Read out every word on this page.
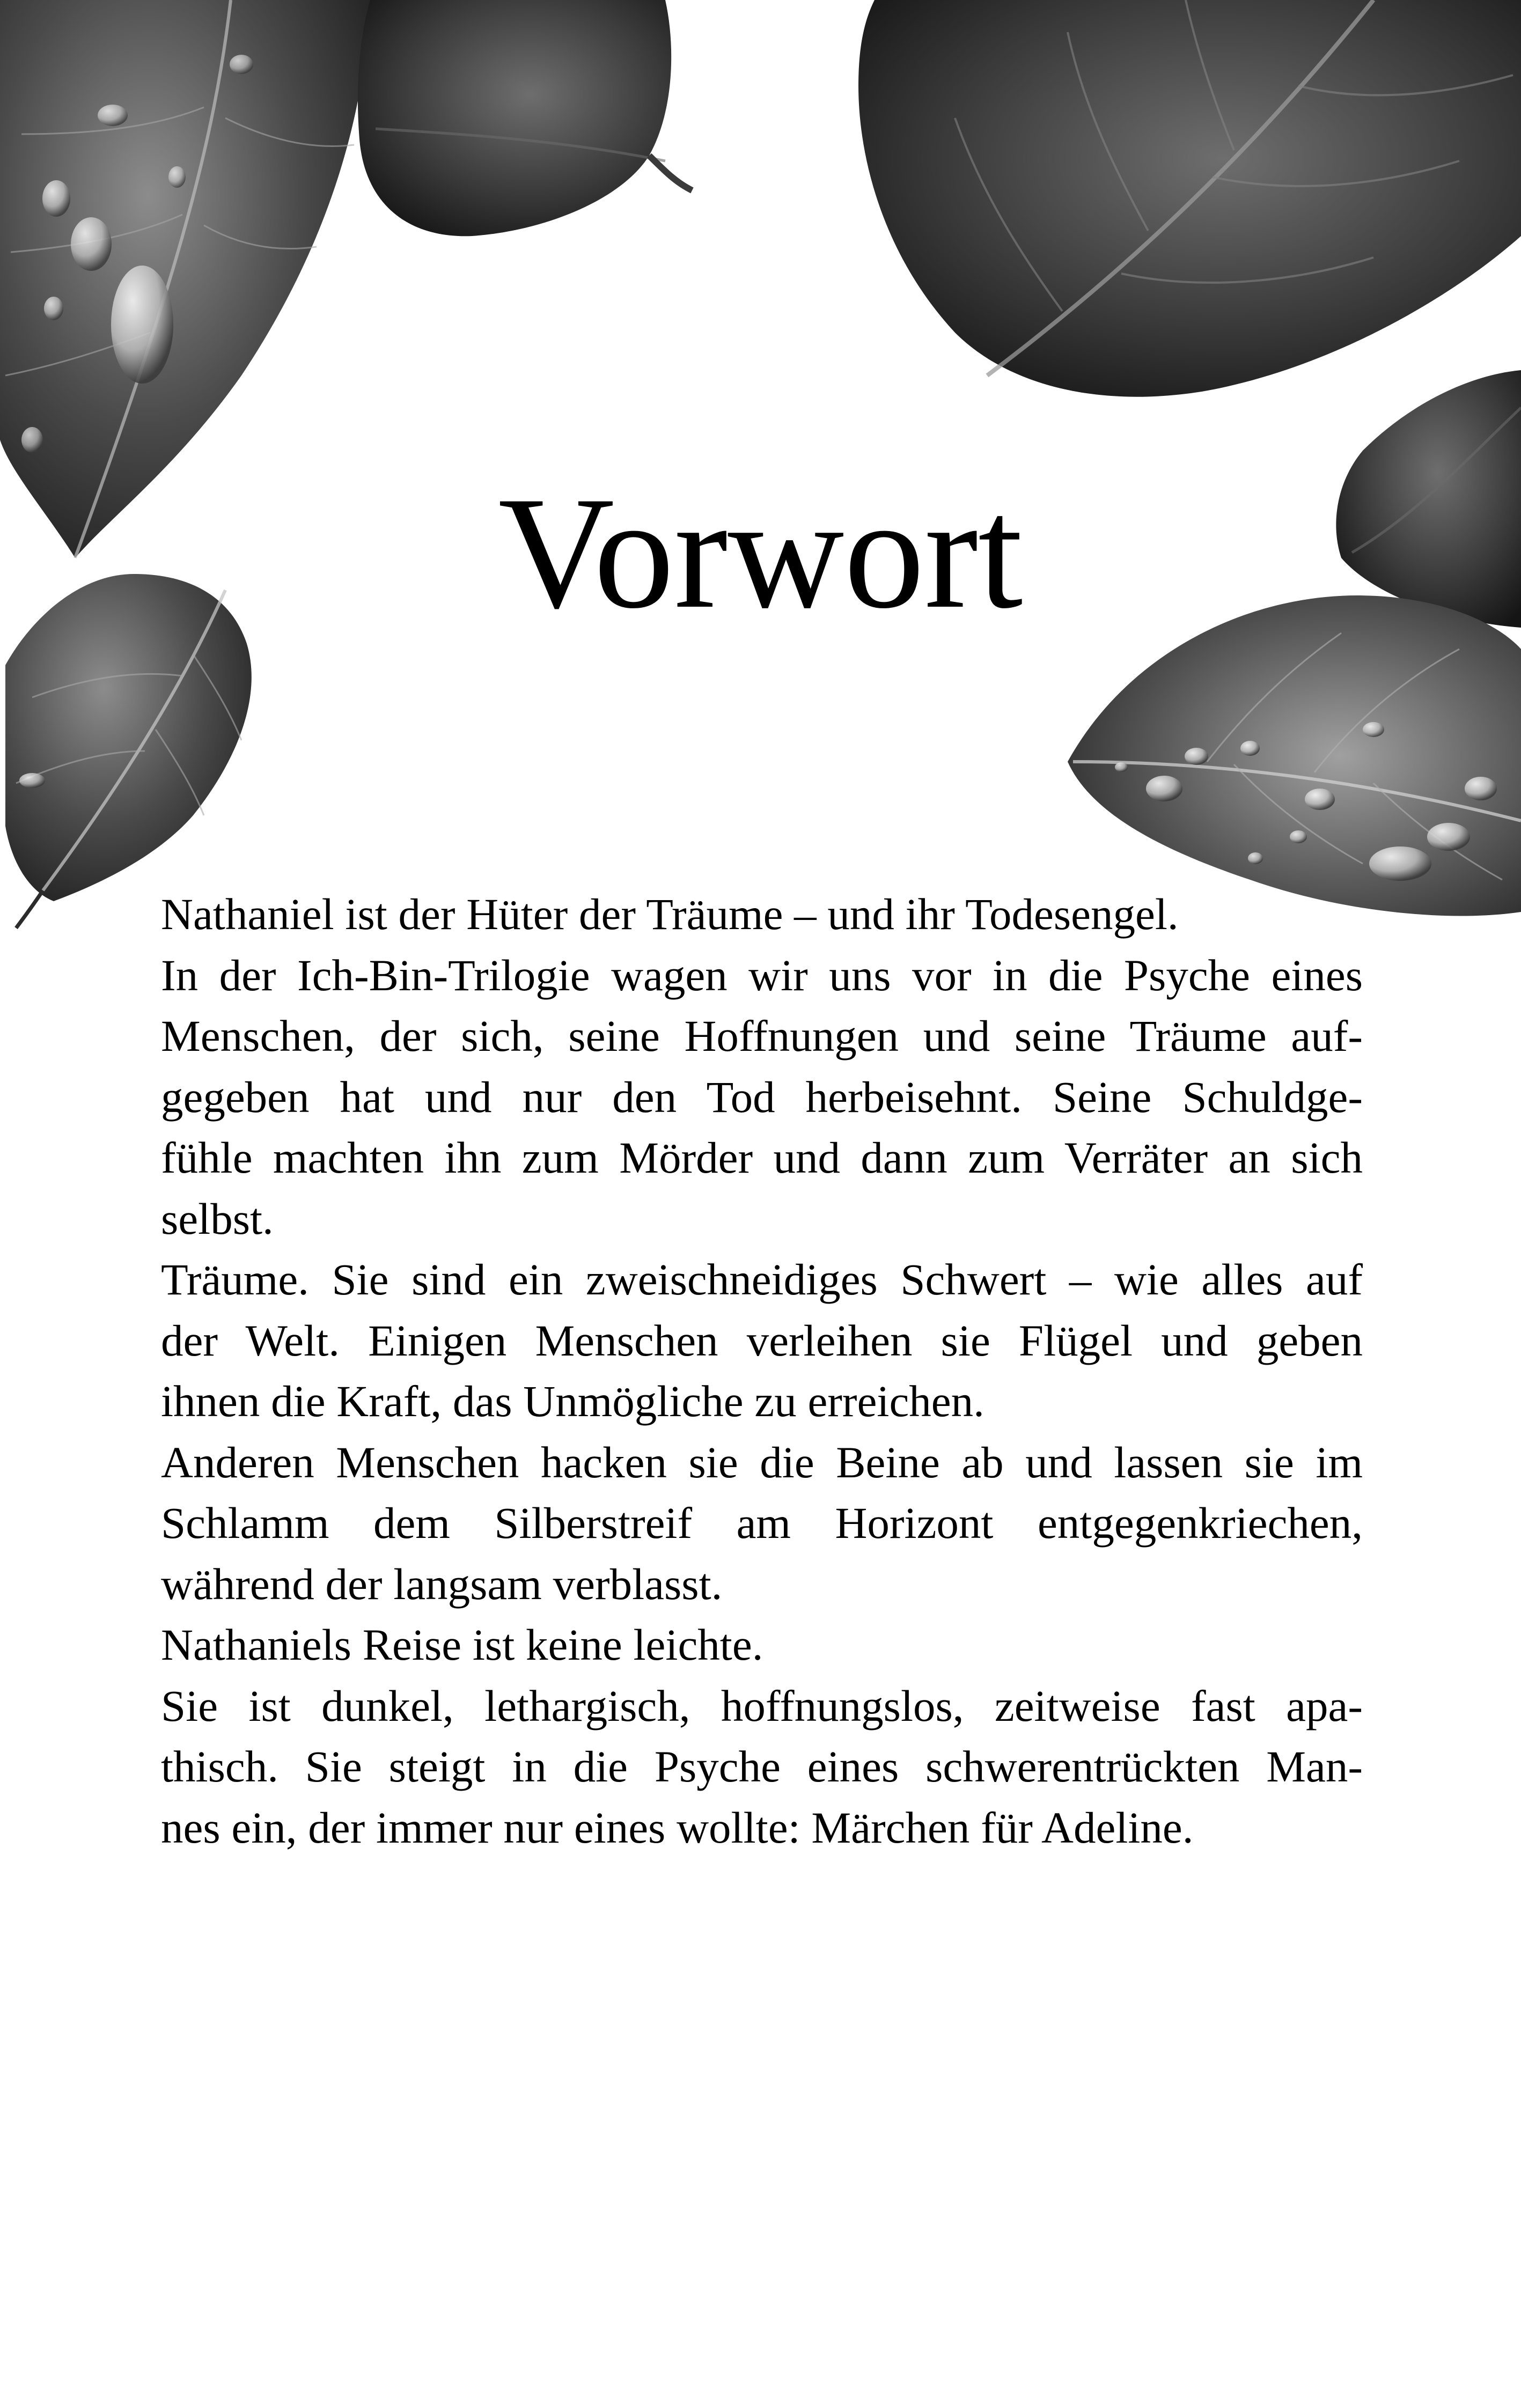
Vorwort
Nathaniel ist der Hüter der Träume – und ihr Todesengel.
In der Ich-Bin-Trilogie wagen wir uns vor in die Psyche eines
Menschen, der sich, seine Hoffnungen und seine Träume auf-
gegeben hat und nur den Tod herbeisehnt. Seine Schuldge-
fühle machten ihn zum Mörder und dann zum Verräter an sich
selbst.
Träume. Sie sind ein zweischneidiges Schwert – wie alles auf
der Welt. Einigen Menschen verleihen sie Flügel und geben
ihnen die Kraft, das Unmögliche zu erreichen.
Anderen Menschen hacken sie die Beine ab und lassen sie im
Schlamm dem Silberstreif am Horizont entgegenkriechen,
während der langsam verblasst.
Nathaniels Reise ist keine leichte.
Sie ist dunkel, lethargisch, hoffnungslos, zeitweise fast apa-
thisch. Sie steigt in die Psyche eines schwerentrückten Man-
nes ein, der immer nur eines wollte: Märchen für Adeline.
